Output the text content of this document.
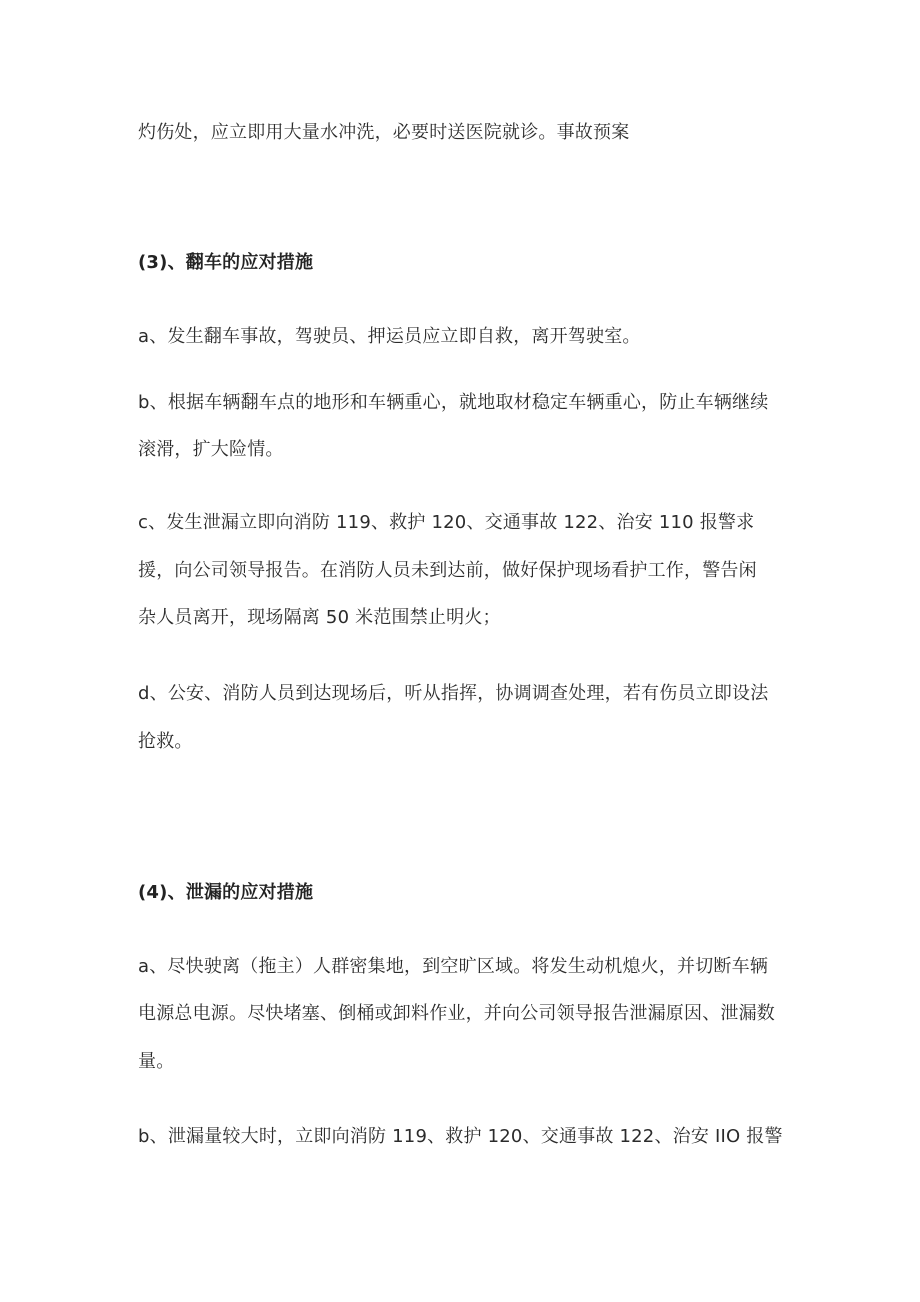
灼伤处，应立即用大量水冲洗，必要时送医院就诊。事故预案
(3)、翻车的应对措施
a、发生翻车事故，驾驶员、押运员应立即自救，离开驾驶室。
b、根据车辆翻车点的地形和车辆重心，就地取材稳定车辆重心，防止车辆继续
滚滑，扩大险情。
c、发生泄漏立即向消防 119、救护 120、交通事故 122、治安 110 报警求
援，向公司领导报告。在消防人员未到达前，做好保护现场看护工作，警告闲
杂人员离开，现场隔离 50 米范围禁止明火；
d、公安、消防人员到达现场后，听从指挥，协调调查处理，若有伤员立即设法
抢救。
(4)、泄漏的应对措施
a、尽快驶离（拖主）人群密集地，到空旷区域。将发生动机熄火，并切断车辆
电源总电源。尽快堵塞、倒桶或卸料作业，并向公司领导报告泄漏原因、泄漏数
量。
b、泄漏量较大时，立即向消防 119、救护 120、交通事故 122、治安 IIO 报警
